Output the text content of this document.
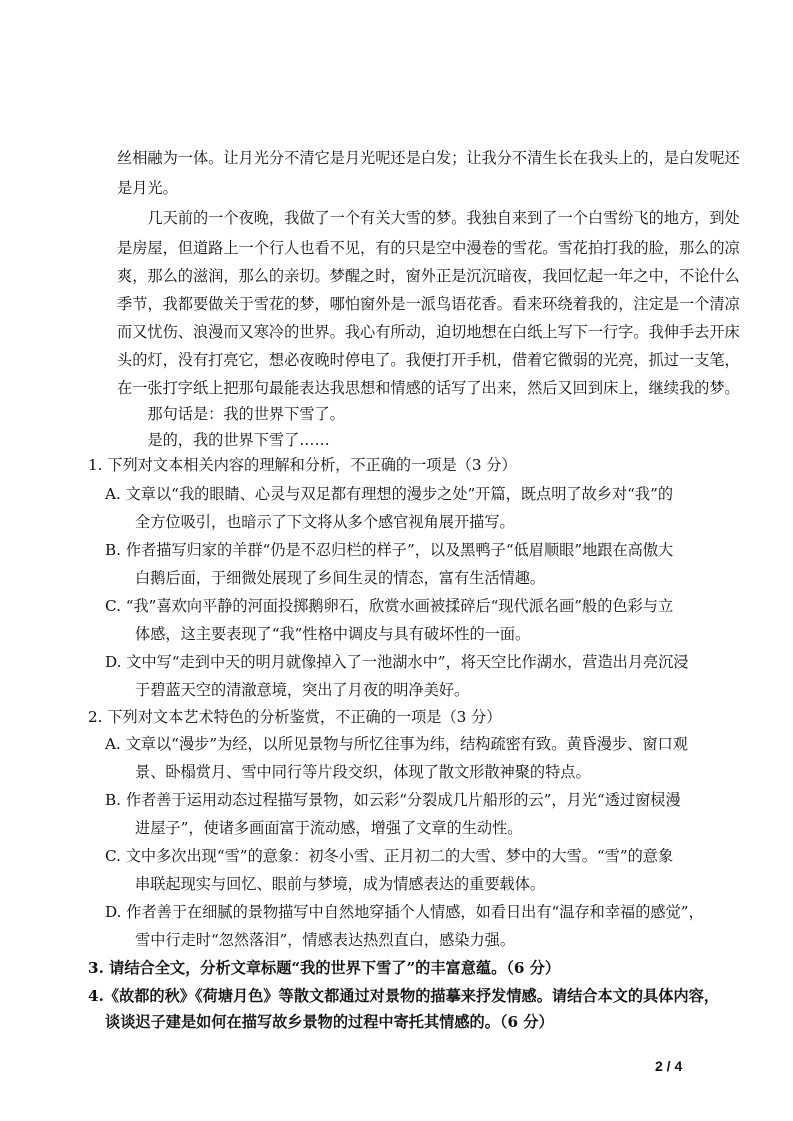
丝相融为一体。让月光分不清它是月光呢还是白发；让我分不清生长在我头上的，是白发呢还
是月光。
　　几天前的一个夜晚，我做了一个有关大雪的梦。我独自来到了一个白雪纷飞的地方，到处
是房屋，但道路上一个行人也看不见，有的只是空中漫卷的雪花。雪花拍打我的脸，那么的凉
爽，那么的滋润，那么的亲切。梦醒之时，窗外正是沉沉暗夜，我回忆起一年之中，不论什么
季节，我都要做关于雪花的梦，哪怕窗外是一派鸟语花香。看来环绕着我的，注定是一个清凉
而又忧伤、浪漫而又寒冷的世界。我心有所动，迫切地想在白纸上写下一行字。我伸手去开床
头的灯，没有打亮它，想必夜晚时停电了。我便打开手机，借着它微弱的光亮，抓过一支笔，
在一张打字纸上把那句最能表达我思想和情感的话写了出来，然后又回到床上，继续我的梦。
　　那句话是：我的世界下雪了。
　　是的，我的世界下雪了……
1. 下列对文本相关内容的理解和分析，不正确的一项是（3 分）
A. 文章以“我的眼睛、心灵与双足都有理想的漫步之处”开篇，既点明了故乡对“我”的
全方位吸引，也暗示了下文将从多个感官视角展开描写。
B. 作者描写归家的羊群“仍是不忍归栏的样子”，以及黑鸭子“低眉顺眼”地跟在高傲大
白鹅后面，于细微处展现了乡间生灵的情态，富有生活情趣。
C. “我”喜欢向平静的河面投掷鹅卵石，欣赏水画被揉碎后“现代派名画”般的色彩与立
体感，这主要表现了“我”性格中调皮与具有破坏性的一面。
D. 文中写“走到中天的明月就像掉入了一池湖水中”，将天空比作湖水，营造出月亮沉浸
于碧蓝天空的清澈意境，突出了月夜的明净美好。
2. 下列对文本艺术特色的分析鉴赏，不正确的一项是（3 分）
A. 文章以“漫步”为经，以所见景物与所忆往事为纬，结构疏密有致。黄昏漫步、窗口观
景、卧榻赏月、雪中同行等片段交织，体现了散文形散神聚的特点。
B. 作者善于运用动态过程描写景物，如云彩“分裂成几片船形的云”，月光“透过窗棂漫
进屋子”，使诸多画面富于流动感，增强了文章的生动性。
C. 文中多次出现“雪”的意象：初冬小雪、正月初二的大雪、梦中的大雪。“雪”的意象
串联起现实与回忆、眼前与梦境，成为情感表达的重要载体。
D. 作者善于在细腻的景物描写中自然地穿插个人情感，如看日出有“温存和幸福的感觉”，
雪中行走时“忽然落泪”，情感表达热烈直白，感染力强。
3. 请结合全文，分析文章标题“我的世界下雪了”的丰富意蕴。（6 分）
4.《故都的秋》《荷塘月色》等散文都通过对景物的描摹来抒发情感。请结合本文的具体内容，
谈谈迟子建是如何在描写故乡景物的过程中寄托其情感的。（6 分）
2 / 4
